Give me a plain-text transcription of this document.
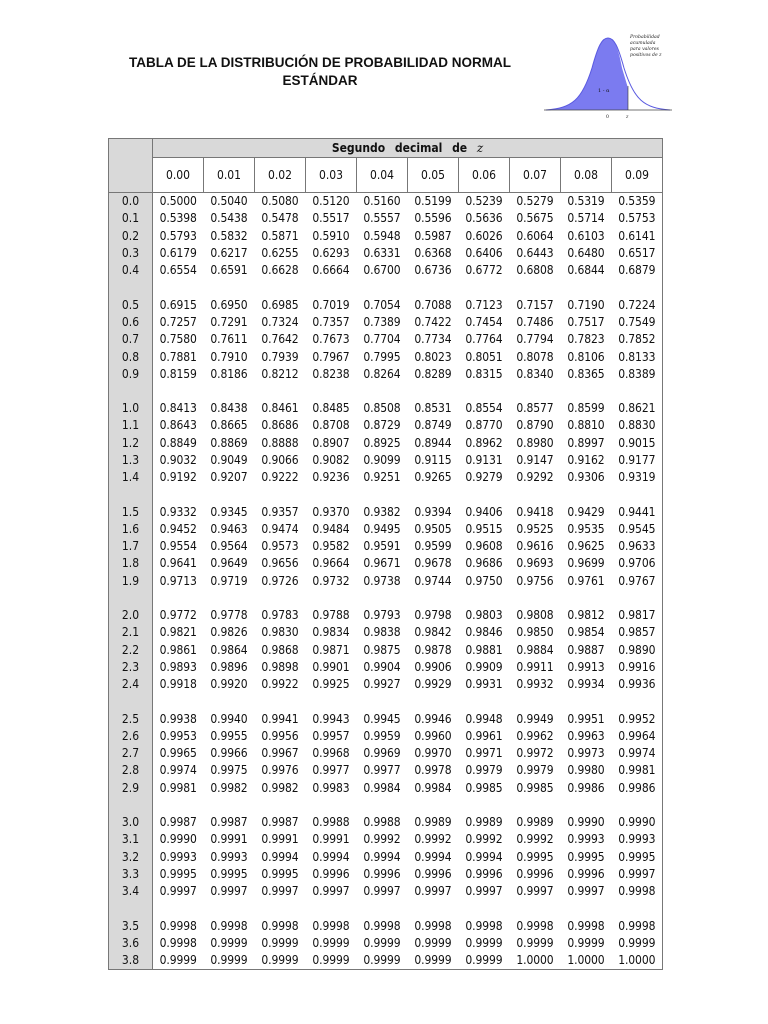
TABLA DE LA DISTRIBUCIÓN DE PROBABILIDAD NORMAL
ESTÁNDAR
1 - α
Probabilidad
acumulada
para valores
positivos de z
0	z
	Segundo decimal de z									
	0.00	0.01	0.02	0.03	0.04	0.05	0.06	0.07	0.08	0.09
0.0	0.5000	0.5040	0.5080	0.5120	0.5160	0.5199	0.5239	0.5279	0.5319	0.5359
0.1	0.5398	0.5438	0.5478	0.5517	0.5557	0.5596	0.5636	0.5675	0.5714	0.5753
0.2	0.5793	0.5832	0.5871	0.5910	0.5948	0.5987	0.6026	0.6064	0.6103	0.6141
0.3	0.6179	0.6217	0.6255	0.6293	0.6331	0.6368	0.6406	0.6443	0.6480	0.6517
0.4	0.6554	0.6591	0.6628	0.6664	0.6700	0.6736	0.6772	0.6808	0.6844	0.6879

0.5	0.6915	0.6950	0.6985	0.7019	0.7054	0.7088	0.7123	0.7157	0.7190	0.7224
0.6	0.7257	0.7291	0.7324	0.7357	0.7389	0.7422	0.7454	0.7486	0.7517	0.7549
0.7	0.7580	0.7611	0.7642	0.7673	0.7704	0.7734	0.7764	0.7794	0.7823	0.7852
0.8	0.7881	0.7910	0.7939	0.7967	0.7995	0.8023	0.8051	0.8078	0.8106	0.8133
0.9	0.8159	0.8186	0.8212	0.8238	0.8264	0.8289	0.8315	0.8340	0.8365	0.8389

1.0	0.8413	0.8438	0.8461	0.8485	0.8508	0.8531	0.8554	0.8577	0.8599	0.8621
1.1	0.8643	0.8665	0.8686	0.8708	0.8729	0.8749	0.8770	0.8790	0.8810	0.8830
1.2	0.8849	0.8869	0.8888	0.8907	0.8925	0.8944	0.8962	0.8980	0.8997	0.9015
1.3	0.9032	0.9049	0.9066	0.9082	0.9099	0.9115	0.9131	0.9147	0.9162	0.9177
1.4	0.9192	0.9207	0.9222	0.9236	0.9251	0.9265	0.9279	0.9292	0.9306	0.9319

1.5	0.9332	0.9345	0.9357	0.9370	0.9382	0.9394	0.9406	0.9418	0.9429	0.9441
1.6	0.9452	0.9463	0.9474	0.9484	0.9495	0.9505	0.9515	0.9525	0.9535	0.9545
1.7	0.9554	0.9564	0.9573	0.9582	0.9591	0.9599	0.9608	0.9616	0.9625	0.9633
1.8	0.9641	0.9649	0.9656	0.9664	0.9671	0.9678	0.9686	0.9693	0.9699	0.9706
1.9	0.9713	0.9719	0.9726	0.9732	0.9738	0.9744	0.9750	0.9756	0.9761	0.9767

2.0	0.9772	0.9778	0.9783	0.9788	0.9793	0.9798	0.9803	0.9808	0.9812	0.9817
2.1	0.9821	0.9826	0.9830	0.9834	0.9838	0.9842	0.9846	0.9850	0.9854	0.9857
2.2	0.9861	0.9864	0.9868	0.9871	0.9875	0.9878	0.9881	0.9884	0.9887	0.9890
2.3	0.9893	0.9896	0.9898	0.9901	0.9904	0.9906	0.9909	0.9911	0.9913	0.9916
2.4	0.9918	0.9920	0.9922	0.9925	0.9927	0.9929	0.9931	0.9932	0.9934	0.9936

2.5	0.9938	0.9940	0.9941	0.9943	0.9945	0.9946	0.9948	0.9949	0.9951	0.9952
2.6	0.9953	0.9955	0.9956	0.9957	0.9959	0.9960	0.9961	0.9962	0.9963	0.9964
2.7	0.9965	0.9966	0.9967	0.9968	0.9969	0.9970	0.9971	0.9972	0.9973	0.9974
2.8	0.9974	0.9975	0.9976	0.9977	0.9977	0.9978	0.9979	0.9979	0.9980	0.9981
2.9	0.9981	0.9982	0.9982	0.9983	0.9984	0.9984	0.9985	0.9985	0.9986	0.9986

3.0	0.9987	0.9987	0.9987	0.9988	0.9988	0.9989	0.9989	0.9989	0.9990	0.9990
3.1	0.9990	0.9991	0.9991	0.9991	0.9992	0.9992	0.9992	0.9992	0.9993	0.9993
3.2	0.9993	0.9993	0.9994	0.9994	0.9994	0.9994	0.9994	0.9995	0.9995	0.9995
3.3	0.9995	0.9995	0.9995	0.9996	0.9996	0.9996	0.9996	0.9996	0.9996	0.9997
3.4	0.9997	0.9997	0.9997	0.9997	0.9997	0.9997	0.9997	0.9997	0.9997	0.9998

3.5	0.9998	0.9998	0.9998	0.9998	0.9998	0.9998	0.9998	0.9998	0.9998	0.9998
3.6	0.9998	0.9999	0.9999	0.9999	0.9999	0.9999	0.9999	0.9999	0.9999	0.9999
3.8	0.9999	0.9999	0.9999	0.9999	0.9999	0.9999	0.9999	1.0000	1.0000	1.0000
